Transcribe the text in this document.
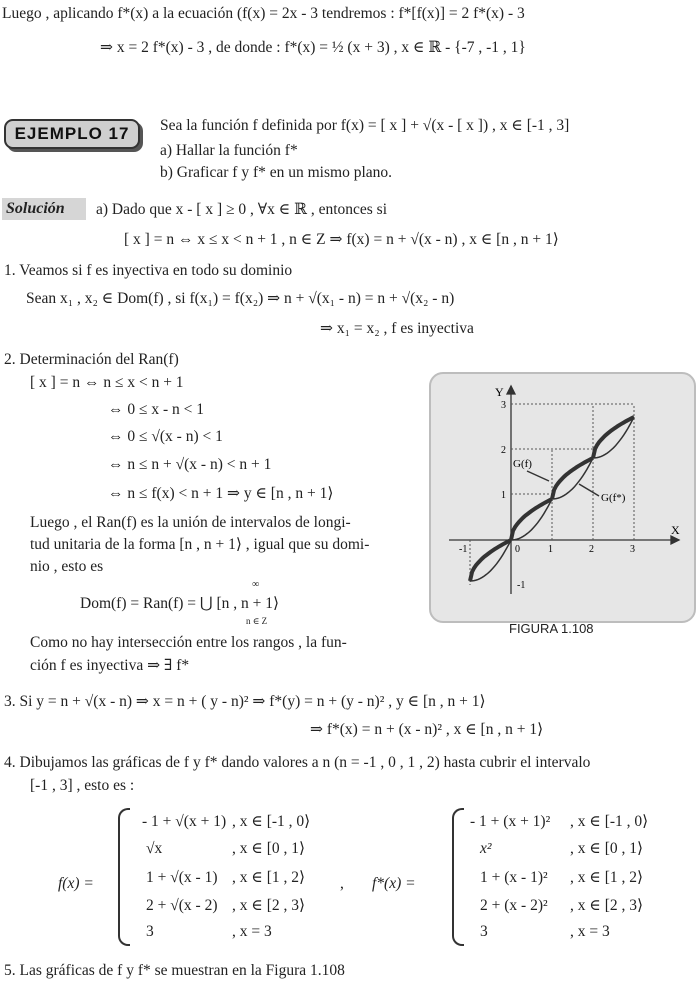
Luego , aplicando f*(x) a la ecuación (f(x) = 2x - 3 tendremos : f*[f(x)] = 2 f*(x) - 3
⇒ x = 2 f*(x) - 3 , de donde : f*(x) = ½ (x + 3) , x ∈ ℝ - {-7 , -1 , 1}
EJEMPLO 17	Sea la función f definida por f(x) = [ x ] + √(x - [ x ]) , x ∈ [-1 , 3]
a) Hallar la función f*
b) Graficar f y f* en un mismo plano.
Solución	a) Dado que x - [ x ] ≥ 0 , ∀x ∈ ℝ , entonces si
[ x ] = n ⇔ x ≤ x < n + 1 , n ∈ Z ⇒ f(x) = n + √(x - n) , x ∈ [n , n + 1⟩
1. Veamos si f es inyectiva en todo su dominio
Sean x₁ , x₂ ∈ Dom(f) , si f(x₁) = f(x₂) ⇒ n + √(x₁ - n) = n + √(x₂ - n)
⇒ x₁ = x₂ , f es inyectiva
2. Determinación del Ran(f)
[ x ] = n ⇔ n ≤ x < n + 1
⇔ 0 ≤ x - n < 1
⇔ 0 ≤ √(x - n) < 1
⇔ n ≤ n + √(x - n) < n + 1
⇔ n ≤ f(x) < n + 1 ⇒ y ∈ [n , n + 1⟩
Luego , el Ran(f) es la unión de intervalos de longi-
tud unitaria de la forma [n , n + 1⟩ , igual que su domi-
nio , esto es
Dom(f) = Ran(f) = ⋃ [n , n + 1⟩
∞
n ∈ Z
Como no hay intersección entre los rangos , la fun-
ción f es inyectiva ⇒ ∃ f*
Y
X
3
2
1
-1
-1	0	1	2	3
G(f)
G(f*)
FIGURA 1.108
3. Si y = n + √(x - n) ⇒ x = n + ( y - n)² ⇒ f*(y) = n + (y - n)² , y ∈ [n , n + 1⟩
⇒ f*(x) = n + (x - n)² , x ∈ [n , n + 1⟩
4. Dibujamos las gráficas de f y f* dando valores a n (n = -1 , 0 , 1 , 2) hasta cubrir el intervalo
[-1 , 3] , esto es :
f(x) =
- 1 + √(x + 1) , x ∈ [-1 , 0⟩
√x	, x ∈ [0 , 1⟩
1 + √(x - 1) , x ∈ [1 , 2⟩
2 + √(x - 2) , x ∈ [2 , 3⟩
3	, x = 3
, f*(x) =
- 1 + (x + 1)² , x ∈ [-1 , 0⟩
x²	, x ∈ [0 , 1⟩
1 + (x - 1)² , x ∈ [1 , 2⟩
2 + (x - 2)² , x ∈ [2 , 3⟩
3	, x = 3
5. Las gráficas de f y f* se muestran en la Figura 1.108
